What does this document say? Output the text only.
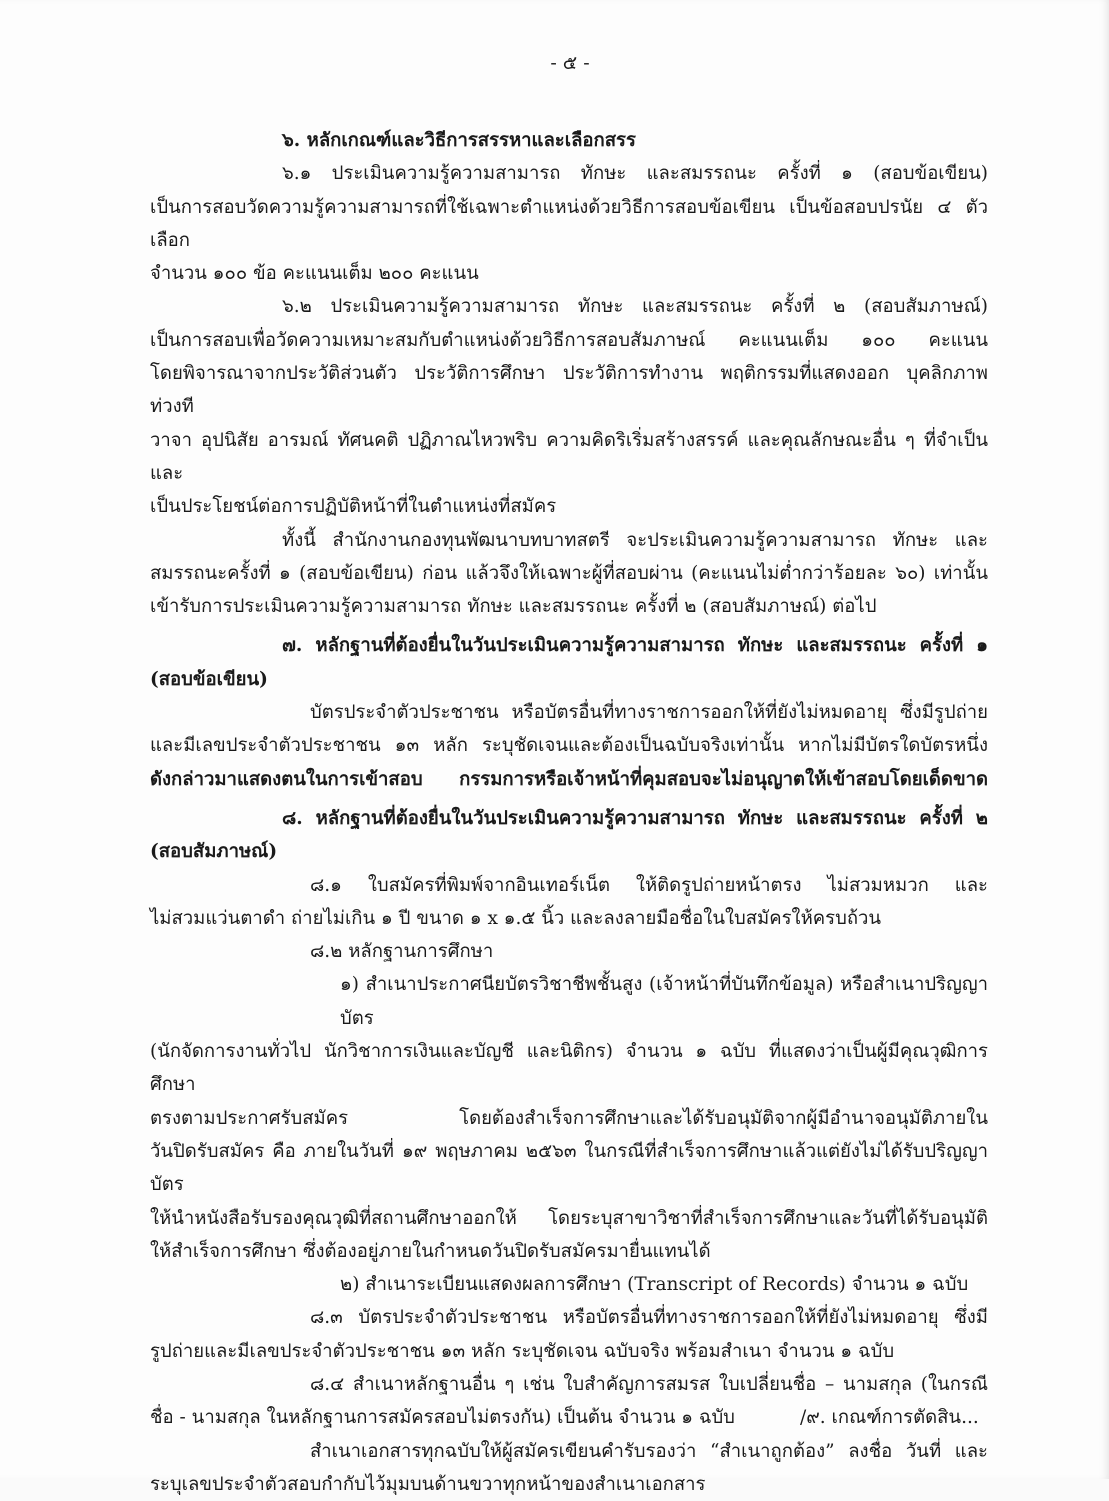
- ๕ -
๖. หลักเกณฑ์และวิธีการสรรหาและเลือกสรร
๖.๑ ประเมินความรู้ความสามารถ ทักษะ และสมรรถนะ ครั้งที่ ๑ (สอบข้อเขียน)
เป็นการสอบวัดความรู้ความสามารถที่ใช้เฉพาะตำแหน่งด้วยวิธีการสอบข้อเขียน เป็นข้อสอบปรนัย ๔ ตัวเลือก
จำนวน ๑๐๐ ข้อ คะแนนเต็ม ๒๐๐ คะแนน
๖.๒ ประเมินความรู้ความสามารถ ทักษะ และสมรรถนะ ครั้งที่ ๒ (สอบสัมภาษณ์)
เป็นการสอบเพื่อวัดความเหมาะสมกับตำแหน่งด้วยวิธีการสอบสัมภาษณ์ คะแนนเต็ม ๑๐๐ คะแนน
โดยพิจารณาจากประวัติส่วนตัว ประวัติการศึกษา ประวัติการทำงาน พฤติกรรมที่แสดงออก บุคลิกภาพ ท่วงที
วาจา อุปนิสัย อารมณ์ ทัศนคติ ปฏิภาณไหวพริบ ความคิดริเริ่มสร้างสรรค์ และคุณลักษณะอื่น ๆ ที่จำเป็นและ
เป็นประโยชน์ต่อการปฏิบัติหน้าที่ในตำแหน่งที่สมัคร
ทั้งนี้ สำนักงานกองทุนพัฒนาบทบาทสตรี จะประเมินความรู้ความสามารถ ทักษะ และ
สมรรถนะครั้งที่ ๑ (สอบข้อเขียน) ก่อน แล้วจึงให้เฉพาะผู้ที่สอบผ่าน (คะแนนไม่ต่ำกว่าร้อยละ ๖๐) เท่านั้น
เข้ารับการประเมินความรู้ความสามารถ ทักษะ และสมรรถนะ ครั้งที่ ๒ (สอบสัมภาษณ์) ต่อไป
๗. หลักฐานที่ต้องยื่นในวันประเมินความรู้ความสามารถ ทักษะ และสมรรถนะ ครั้งที่ ๑
(สอบข้อเขียน)
บัตรประจำตัวประชาชน หรือบัตรอื่นที่ทางราชการออกให้ที่ยังไม่หมดอายุ ซึ่งมีรูปถ่าย
และมีเลขประจำตัวประชาชน ๑๓ หลัก ระบุชัดเจนและต้องเป็นฉบับจริงเท่านั้น หากไม่มีบัตรใดบัตรหนึ่ง
ดังกล่าวมาแสดงตนในการเข้าสอบ กรรมการหรือเจ้าหน้าที่คุมสอบจะไม่อนุญาตให้เข้าสอบโดยเด็ดขาด
๘. หลักฐานที่ต้องยื่นในวันประเมินความรู้ความสามารถ ทักษะ และสมรรถนะ ครั้งที่ ๒
(สอบสัมภาษณ์)
๘.๑ ใบสมัครที่พิมพ์จากอินเทอร์เน็ต ให้ติดรูปถ่ายหน้าตรง ไม่สวมหมวก และ
ไม่สวมแว่นตาดำ ถ่ายไม่เกิน ๑ ปี ขนาด ๑ x ๑.๕ นิ้ว และลงลายมือชื่อในใบสมัครให้ครบถ้วน
๘.๒ หลักฐานการศึกษา
๑) สำเนาประกาศนียบัตรวิชาชีพชั้นสูง (เจ้าหน้าที่บันทึกข้อมูล) หรือสำเนาปริญญาบัตร
(นักจัดการงานทั่วไป นักวิชาการเงินและบัญชี และนิติกร) จำนวน ๑ ฉบับ ที่แสดงว่าเป็นผู้มีคุณวุฒิการศึกษา
ตรงตามประกาศรับสมัคร โดยต้องสำเร็จการศึกษาและได้รับอนุมัติจากผู้มีอำนาจอนุมัติภายใน
วันปิดรับสมัคร คือ ภายในวันที่ ๑๙ พฤษภาคม ๒๕๖๓ ในกรณีที่สำเร็จการศึกษาแล้วแต่ยังไม่ได้รับปริญญาบัตร
ให้นำหนังสือรับรองคุณวุฒิที่สถานศึกษาออกให้ โดยระบุสาขาวิชาที่สำเร็จการศึกษาและวันที่ได้รับอนุมัติ
ให้สำเร็จการศึกษา ซึ่งต้องอยู่ภายในกำหนดวันปิดรับสมัครมายื่นแทนได้
๒) สำเนาระเบียนแสดงผลการศึกษา (Transcript of Records) จำนวน ๑ ฉบับ
๘.๓ บัตรประจำตัวประชาชน หรือบัตรอื่นที่ทางราชการออกให้ที่ยังไม่หมดอายุ ซึ่งมี
รูปถ่ายและมีเลขประจำตัวประชาชน ๑๓ หลัก ระบุชัดเจน ฉบับจริง พร้อมสำเนา จำนวน ๑ ฉบับ
๘.๔ สำเนาหลักฐานอื่น ๆ เช่น ใบสำคัญการสมรส ใบเปลี่ยนชื่อ – นามสกุล (ในกรณี
ชื่อ - นามสกุล ในหลักฐานการสมัครสอบไม่ตรงกัน) เป็นต้น จำนวน ๑ ฉบับ
สำเนาเอกสารทุกฉบับให้ผู้สมัครเขียนคำรับรองว่า “สำเนาถูกต้อง” ลงชื่อ วันที่ และ
ระบุเลขประจำตัวสอบกำกับไว้มุมบนด้านขวาทุกหน้าของสำเนาเอกสาร
/๙. เกณฑ์การตัดสิน...
